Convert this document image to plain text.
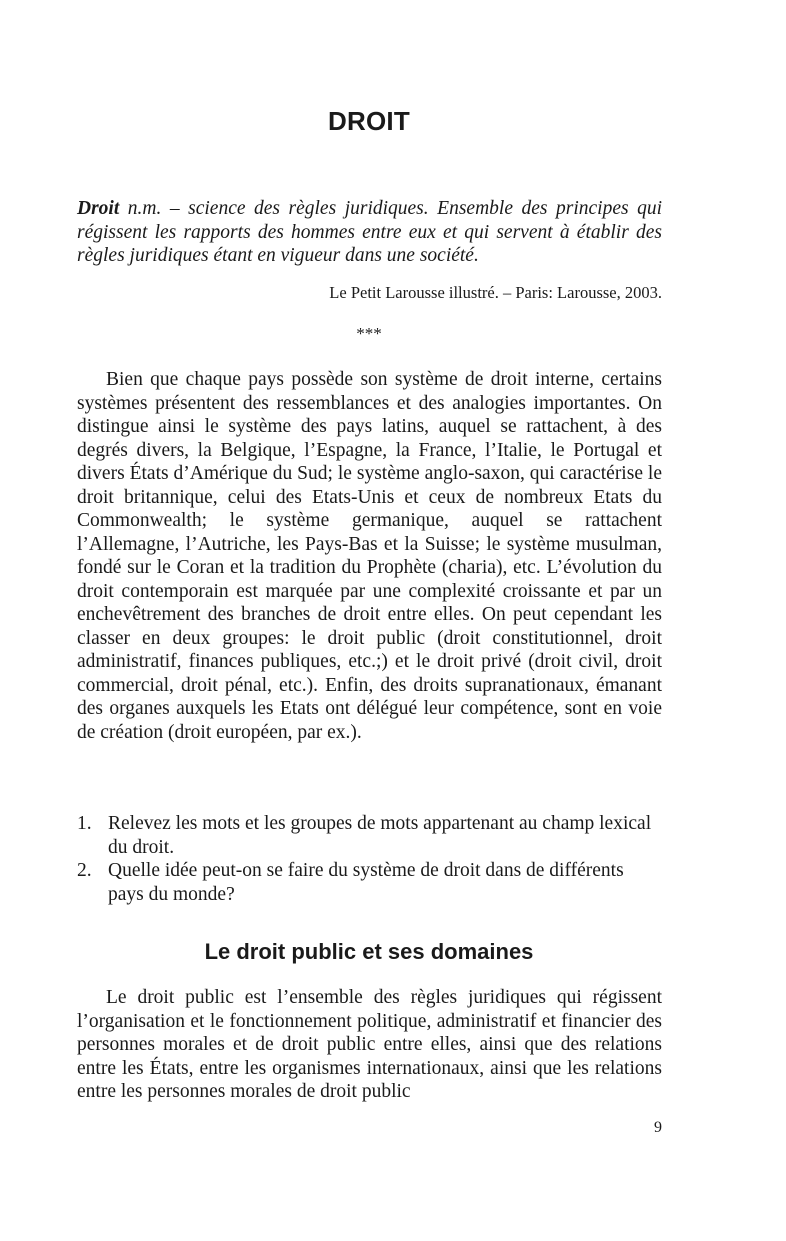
DROIT

Droit n.m. – science des règles juridiques. Ensemble des principes qui régissent les rapports des hommes entre eux et qui servent à établir des règles juridiques étant en vigueur dans une société.

Le Petit Larousse illustré. – Paris: Larousse, 2003.

***

Bien que chaque pays possède son système de droit interne, certains systèmes présentent des ressemblances et des analogies importantes. On distingue ainsi le système des pays latins, auquel se rattachent, à des degrés divers, la Belgique, l’Espagne, la France, l’Italie, le Portugal et divers États d’Amérique du Sud; le système anglo-saxon, qui caractérise le droit britannique, celui des Etats-Unis et ceux de nombreux Etats du Commonwealth; le système germanique, auquel se rattachent l’Allemagne, l’Autriche, les Pays-Bas et la Suisse; le système musulman, fondé sur le Coran et la tradition du Prophète (charia), etc. L’évolution du droit contemporain est marquée par une complexité croissante et par un enchevêtrement des branches de droit entre elles. On peut cependant les classer en deux groupes: le droit public (droit constitutionnel, droit administratif, finances publiques, etc.;) et le droit privé (droit civil, droit commercial, droit pénal, etc.). Enfin, des droits supranationaux, émanant des organes auxquels les Etats ont délégué leur compétence, sont en voie de création (droit européen, par ex.).

1. Relevez les mots et les groupes de mots appartenant au champ lexical du droit.
2. Quelle idée peut-on se faire du système de droit dans de différents pays du monde?
Le droit public et ses domaines

Le droit public est l’ensemble des règles juridiques qui régissent l’organisation et le fonctionnement politique, administratif et financier des personnes morales et de droit public entre elles, ainsi que des relations entre les États, entre les organismes internationaux, ainsi que les relations entre les personnes morales de droit public

9
